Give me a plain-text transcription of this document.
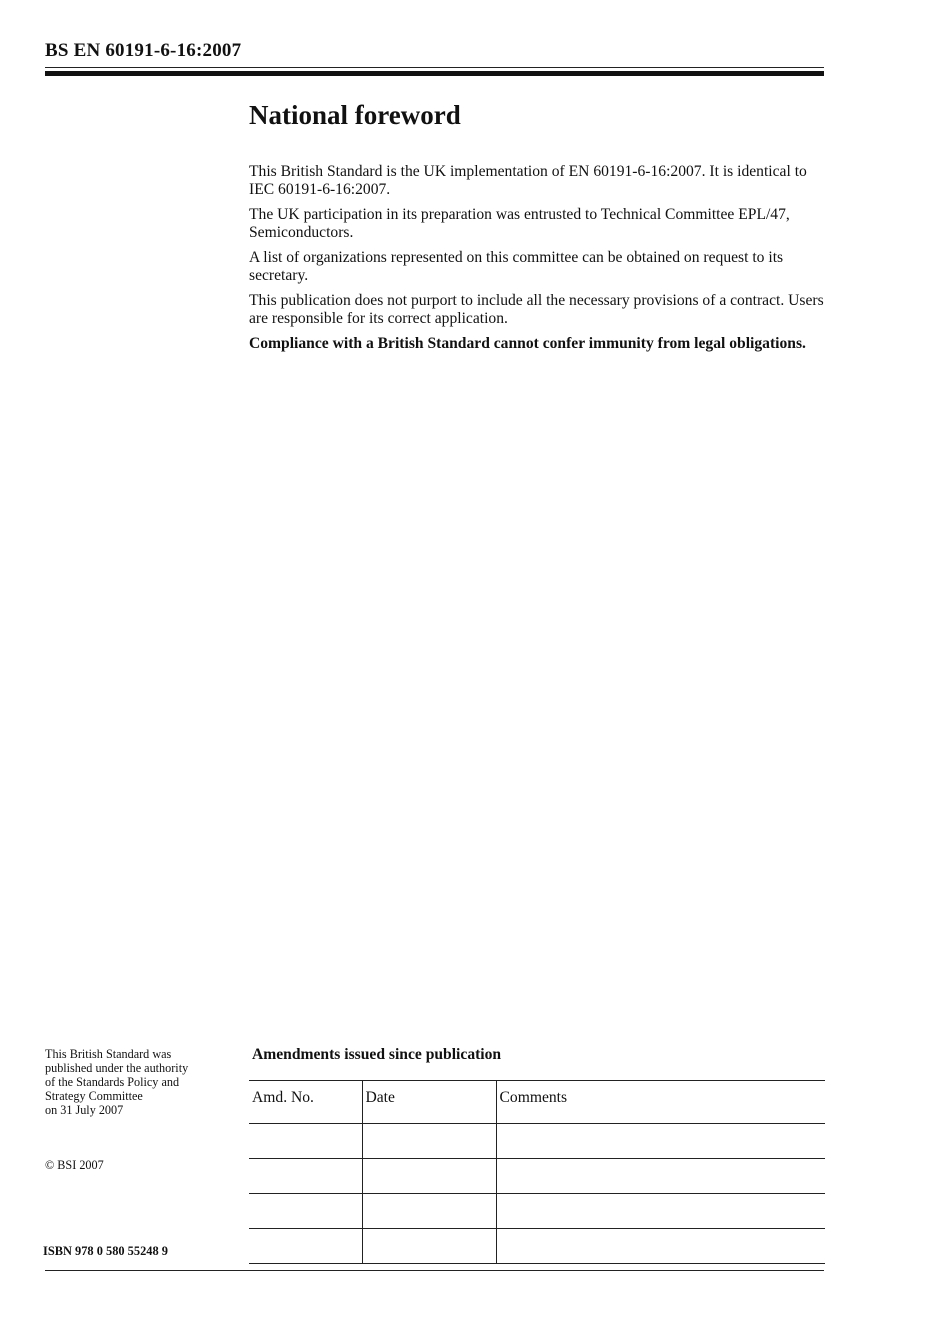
BS EN 60191-6-16:2007
National foreword

This British Standard is the UK implementation of EN 60191-6-16:2007. It is identical to IEC 60191-6-16:2007.

The UK participation in its preparation was entrusted to Technical Committee EPL/47, Semiconductors.

A list of organizations represented on this committee can be obtained on request to its secretary.

This publication does not purport to include all the necessary provisions of a contract. Users are responsible for its correct application.

Compliance with a British Standard cannot confer immunity from legal obligations.

This British Standard was
published under the authority
of the Standards Policy and
Strategy Committee
on 31 July 2007
© BSI 2007
ISBN 978 0 580 55248 9
Amendments issued since publication
Amd. No.	Date	Comments
